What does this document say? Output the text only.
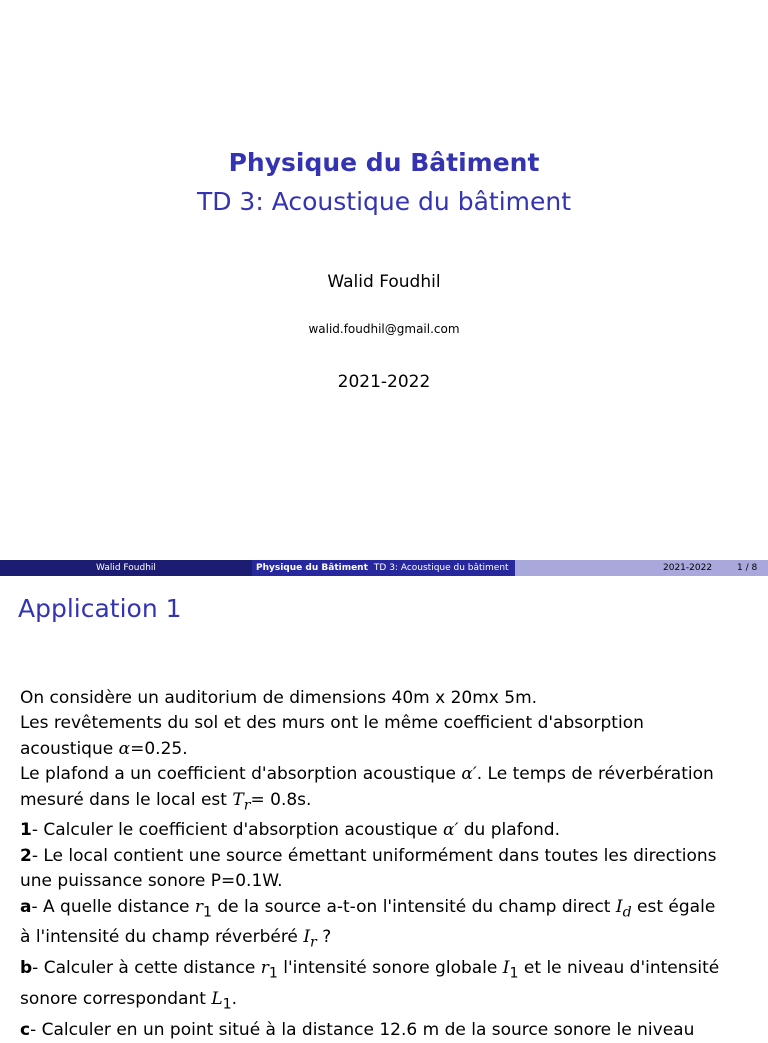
Physique du Bâtiment
TD 3: Acoustique du bâtiment
Walid Foudhil
walid.foudhil@gmail.com
2021-2022
Walid Foudhil	Physique du Bâtiment TD 3: Acoustique du bâtiment	2021-2022	1 / 8
Application 1
On considère un auditorium de dimensions 40m x 20mx 5m.
Les revêtements du sol et des murs ont le même coefficient d'absorption
acoustique α=0.25.
Le plafond a un coefficient d'absorption acoustique α′. Le temps de réverbération
mesuré dans le local est $T_r= 0.8s$.
1- Calculer le coefficient d'absorption acoustique α′ du plafond.
2- Le local contient une source émettant uniformément dans toutes les directions
une puissance sonore P=0.1W.
a- A quelle distance $r_1$ de la source a-t-on l'intensité du champ direct $I_d$ est égale
à l'intensité du champ réverbéré $I_r$ ?
b- Calculer à cette distance $r_1$ l'intensité sonore globale $I_1$ et le niveau d'intensité
sonore correspondant $L_1$.
c- Calculer en un point situé à la distance 12.6 m de la source sonore le niveau
